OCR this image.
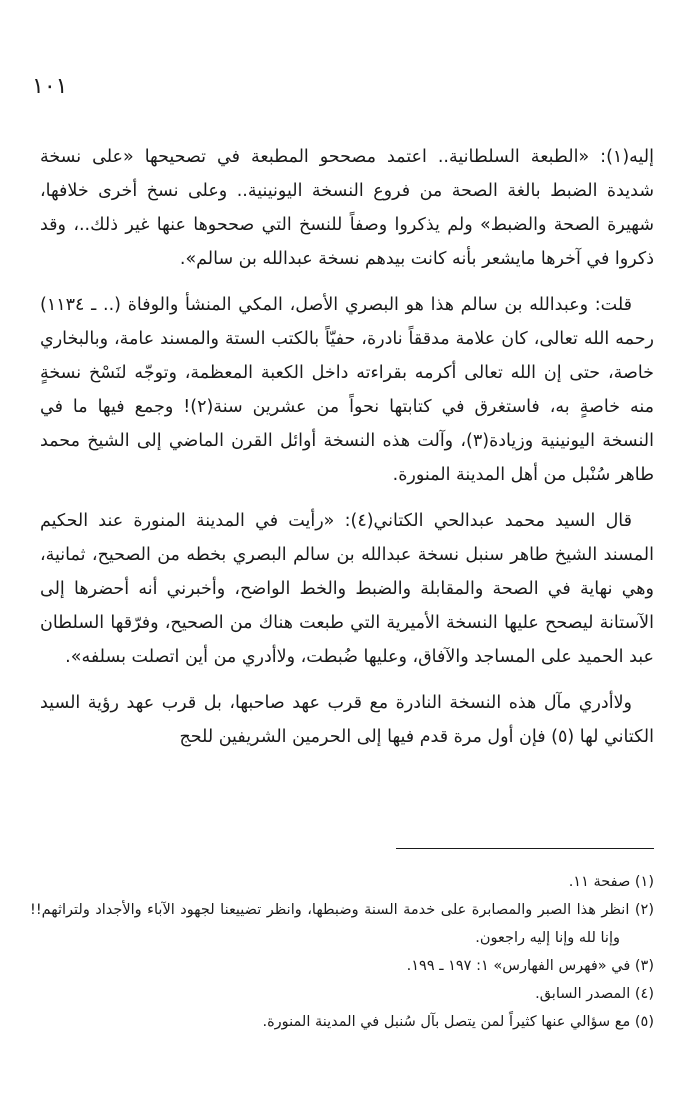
١٠١

إليه(١): «الطبعة السلطانية.. اعتمد مصححو المطبعة في تصحيحها «على نسخة شديدة الضبط بالغة الصحة من فروع النسخة اليونينية.. وعلى نسخ أخرى خلافها، شهيرة الصحة والضبط» ولم يذكروا وصفاً للنسخ التي صححوها عنها غير ذلك..، وقد ذكروا في آخرها مايشعر بأنه كانت بيدهم نسخة عبدالله بن سالم».

قلت: وعبدالله بن سالم هذا هو البصري الأصل، المكي المنشأ والوفاة (.. ـ ١١٣٤) رحمه الله تعالى، كان علامة مدققاً نادرة، حفيّاً بالكتب الستة والمسند عامة، وبالبخاري خاصة، حتى إن الله تعالى أكرمه بقراءته داخل الكعبة المعظمة، وتوجّه لنَسْخ نسخةٍ منه خاصةٍ به، فاستغرق في كتابتها نحواً من عشرين سنة(٢)! وجمع فيها ما في النسخة اليونينية وزيادة(٣)، وآلت هذه النسخة أوائل القرن الماضي إلى الشيخ محمد طاهر سُنْبل من أهل المدينة المنورة.

قال السيد محمد عبدالحي الكتاني(٤): «رأيت في المدينة المنورة عند الحكيم المسند الشيخ طاهر سنبل نسخة عبدالله بن سالم البصري بخطه من الصحيح، ثمانية، وهي نهاية في الصحة والمقابلة والضبط والخط الواضح، وأخبرني أنه أحضرها إلى الآستانة ليصحح عليها النسخة الأميرية التي طبعت هناك من الصحيح، وفرّقها السلطان عبد الحميد على المساجد والآفاق، وعليها ضُبطت، ولاأدري من أين اتصلت بسلفه».

ولاأدري مآل هذه النسخة النادرة مع قرب عهد صاحبها، بل قرب عهد رؤية السيد الكتاني لها (٥) فإن أول مرة قدم فيها إلى الحرمين الشريفين للحج

(١) صفحة ١١.
(٢) انظر هذا الصبر والمصابرة على خدمة السنة وضبطها، وانظر تضييعنا لجهود الآباء والأجداد ولتراثهم!! وإنا لله وإنا إليه راجعون.
(٣) في «فهرس الفهارس» ١: ١٩٧ ـ ١٩٩.
(٤) المصدر السابق.
(٥) مع سؤالي عنها كثيراً لمن يتصل بآل سُنبل في المدينة المنورة.
